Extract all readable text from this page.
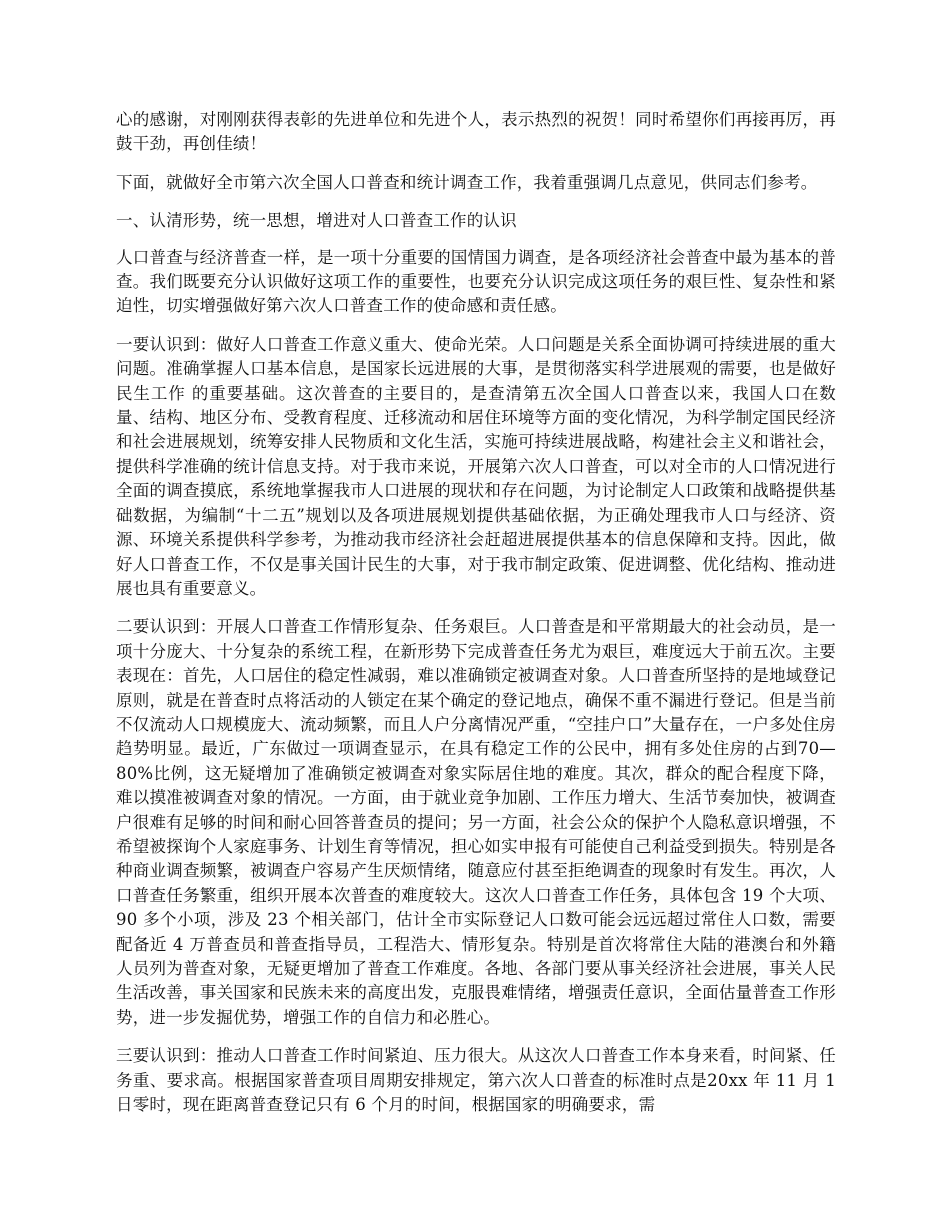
心的感谢，对刚刚获得表彰的先进单位和先进个人，表示热烈的祝贺！同时希望你们再接再厉，再鼓干劲，再创佳绩！

下面，就做好全市第六次全国人口普查和统计调查工作，我着重强调几点意见，供同志们参考。

一、认清形势，统一思想，增进对人口普查工作的认识

人口普查与经济普查一样，是一项十分重要的国情国力调查，是各项经济社会普查中最为基本的普查。我们既要充分认识做好这项工作的重要性，也要充分认识完成这项任务的艰巨性、复杂性和紧迫性，切实增强做好第六次人口普查工作的使命感和责任感。

一要认识到：做好人口普查工作意义重大、使命光荣。人口问题是关系全面协调可持续进展的重大问题。准确掌握人口基本信息，是国家长远进展的大事，是贯彻落实科学进展观的需要，也是做好民生工作 的重要基础。这次普查的主要目的，是查清第五次全国人口普查以来，我国人口在数量、结构、地区分布、受教育程度、迁移流动和居住环境等方面的变化情况，为科学制定国民经济和社会进展规划，统筹安排人民物质和文化生活，实施可持续进展战略，构建社会主义和谐社会，提供科学准确的统计信息支持。对于我市来说，开展第六次人口普查，可以对全市的人口情况进行全面的调查摸底，系统地掌握我市人口进展的现状和存在问题，为讨论制定人口政策和战略提供基础数据，为编制“十二五”规划以及各项进展规划提供基础依据，为正确处理我市人口与经济、资源、环境关系提供科学参考，为推动我市经济社会赶超进展提供基本的信息保障和支持。因此，做好人口普查工作，不仅是事关国计民生的大事，对于我市制定政策、促进调整、优化结构、推动进展也具有重要意义。

二要认识到：开展人口普查工作情形复杂、任务艰巨。人口普查是和平常期最大的社会动员，是一项十分庞大、十分复杂的系统工程，在新形势下完成普查任务尤为艰巨，难度远大于前五次。主要表现在：首先，人口居住的稳定性减弱，难以准确锁定被调查对象。人口普查所坚持的是地域登记原则，就是在普查时点将活动的人锁定在某个确定的登记地点，确保不重不漏进行登记。但是当前不仅流动人口规模庞大、流动频繁，而且人户分离情况严重，“空挂户口”大量存在，一户多处住房趋势明显。最近，广东做过一项调查显示，在具有稳定工作的公民中，拥有多处住房的占到70—80%比例，这无疑增加了准确锁定被调查对象实际居住地的难度。其次，群众的配合程度下降，难以摸准被调查对象的情况。一方面，由于就业竞争加剧、工作压力增大、生活节奏加快，被调查户很难有足够的时间和耐心回答普查员的提问；另一方面，社会公众的保护个人隐私意识增强，不希望被探询个人家庭事务、计划生育等情况，担心如实申报有可能使自己利益受到损失。特别是各种商业调查频繁，被调查户容易产生厌烦情绪，随意应付甚至拒绝调查的现象时有发生。再次，人口普查任务繁重，组织开展本次普查的难度较大。这次人口普查工作任务，具体包含 19 个大项、90 多个小项，涉及 23 个相关部门，估计全市实际登记人口数可能会远远超过常住人口数，需要配备近 4 万普查员和普查指导员，工程浩大、情形复杂。特别是首次将常住大陆的港澳台和外籍人员列为普查对象，无疑更增加了普查工作难度。各地、各部门要从事关经济社会进展，事关人民生活改善，事关国家和民族未来的高度出发，克服畏难情绪，增强责任意识，全面估量普查工作形势，进一步发掘优势，增强工作的自信力和必胜心。

三要认识到：推动人口普查工作时间紧迫、压力很大。从这次人口普查工作本身来看，时间紧、任务重、要求高。根据国家普查项目周期安排规定，第六次人口普查的标准时点是20xx 年 11 月 1 日零时，现在距离普查登记只有 6 个月的时间，根据国家的明确要求，需
